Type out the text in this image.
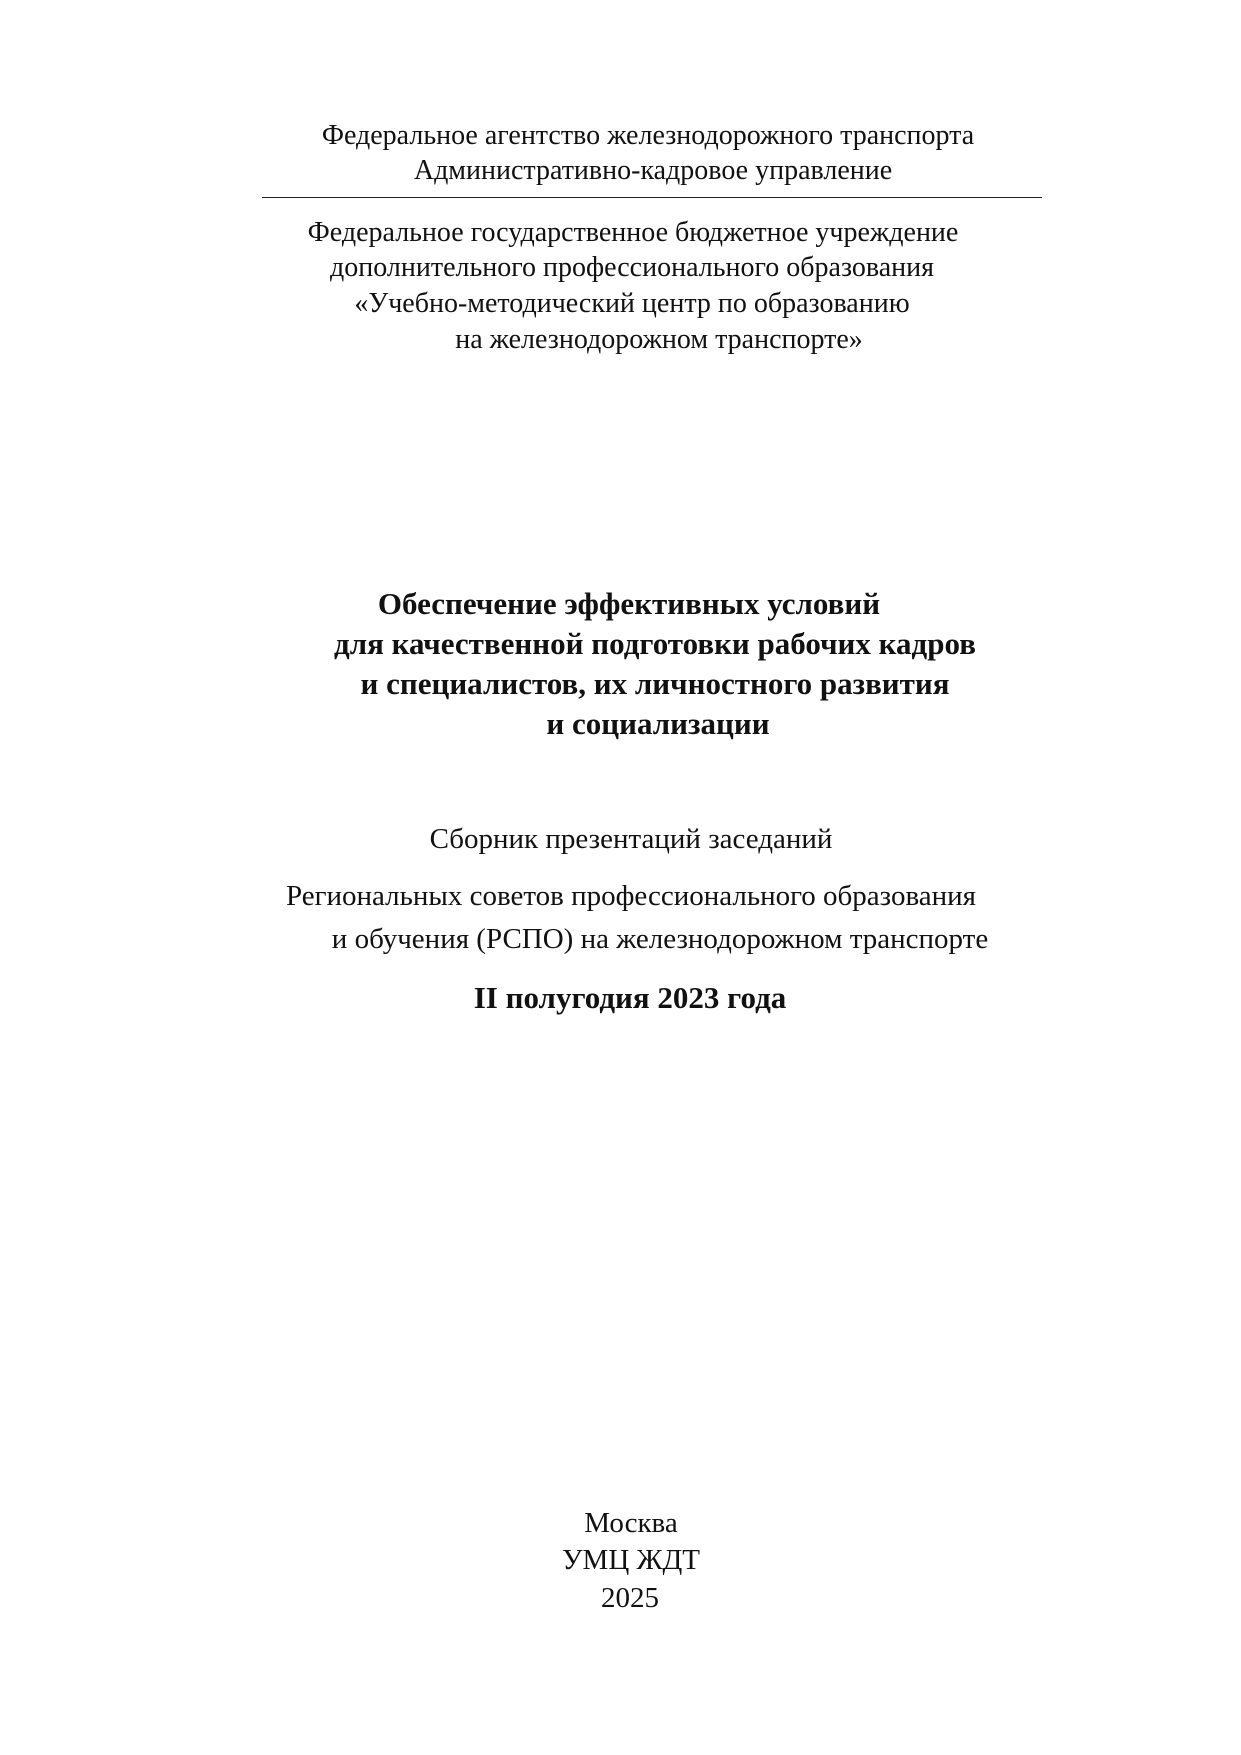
Федеральное агентство железнодорожного транспорта

Административно-кадровое управление

Федеральное государственное бюджетное учреждение

дополнительного профессионального образования

«Учебно-методический центр по образованию

на железнодорожном транспорте»

Обеспечение эффективных условий

для качественной подготовки рабочих кадров

и специалистов, их личностного развития

и социализации

Сборник презентаций заседаний

Региональных советов профессионального образования

и обучения (РСПО) на железнодорожном транспорте

II полугодия 2023 года

Москва

УМЦ ЖДТ

2025
